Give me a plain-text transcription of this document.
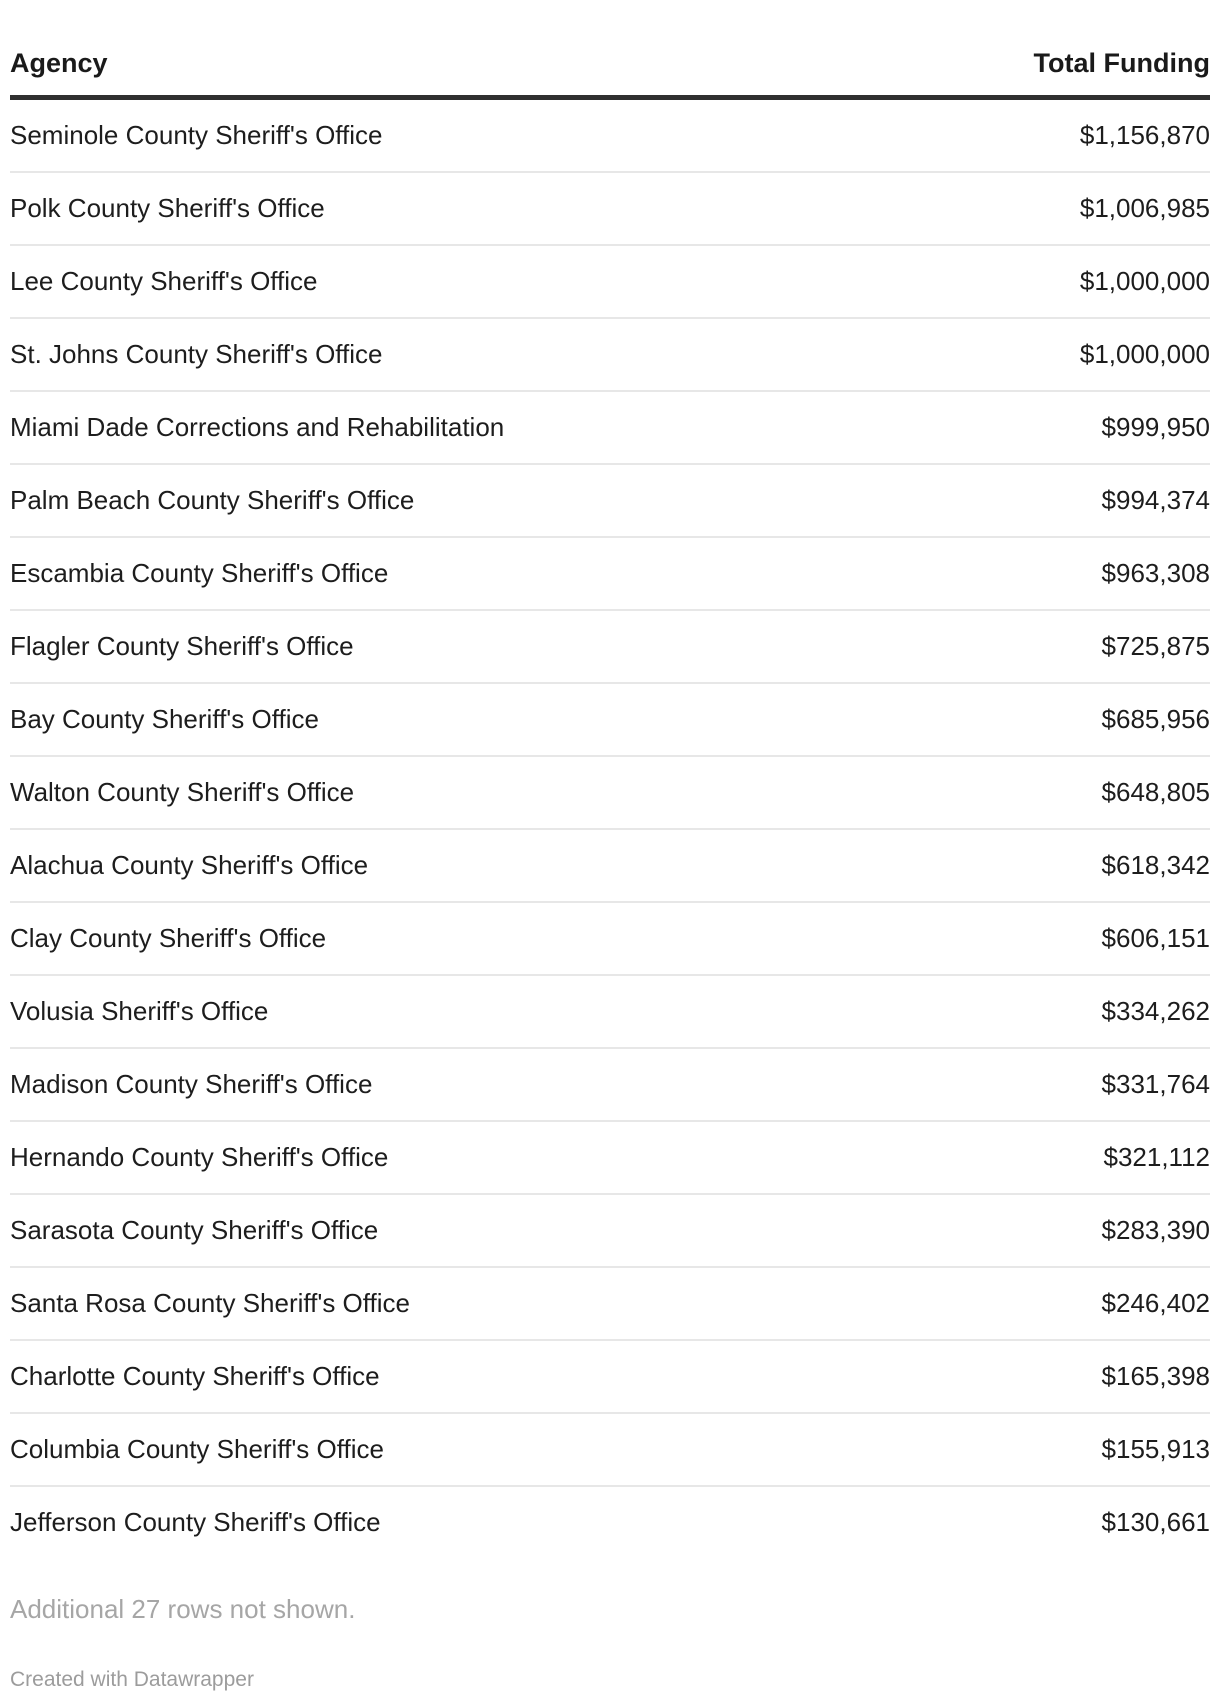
Agency	Total Funding
Seminole County Sheriff's Office	$1,156,870
Polk County Sheriff's Office	$1,006,985
Lee County Sheriff's Office	$1,000,000
St. Johns County Sheriff's Office	$1,000,000
Miami Dade Corrections and Rehabilitation	$999,950
Palm Beach County Sheriff's Office	$994,374
Escambia County Sheriff's Office	$963,308
Flagler County Sheriff's Office	$725,875
Bay County Sheriff's Office	$685,956
Walton County Sheriff's Office	$648,805
Alachua County Sheriff's Office	$618,342
Clay County Sheriff's Office	$606,151
Volusia Sheriff's Office	$334,262
Madison County Sheriff's Office	$331,764
Hernando County Sheriff's Office	$321,112
Sarasota County Sheriff's Office	$283,390
Santa Rosa County Sheriff's Office	$246,402
Charlotte County Sheriff's Office	$165,398
Columbia County Sheriff's Office	$155,913
Jefferson County Sheriff's Office	$130,661

Additional 27 rows not shown.

Created with Datawrapper
